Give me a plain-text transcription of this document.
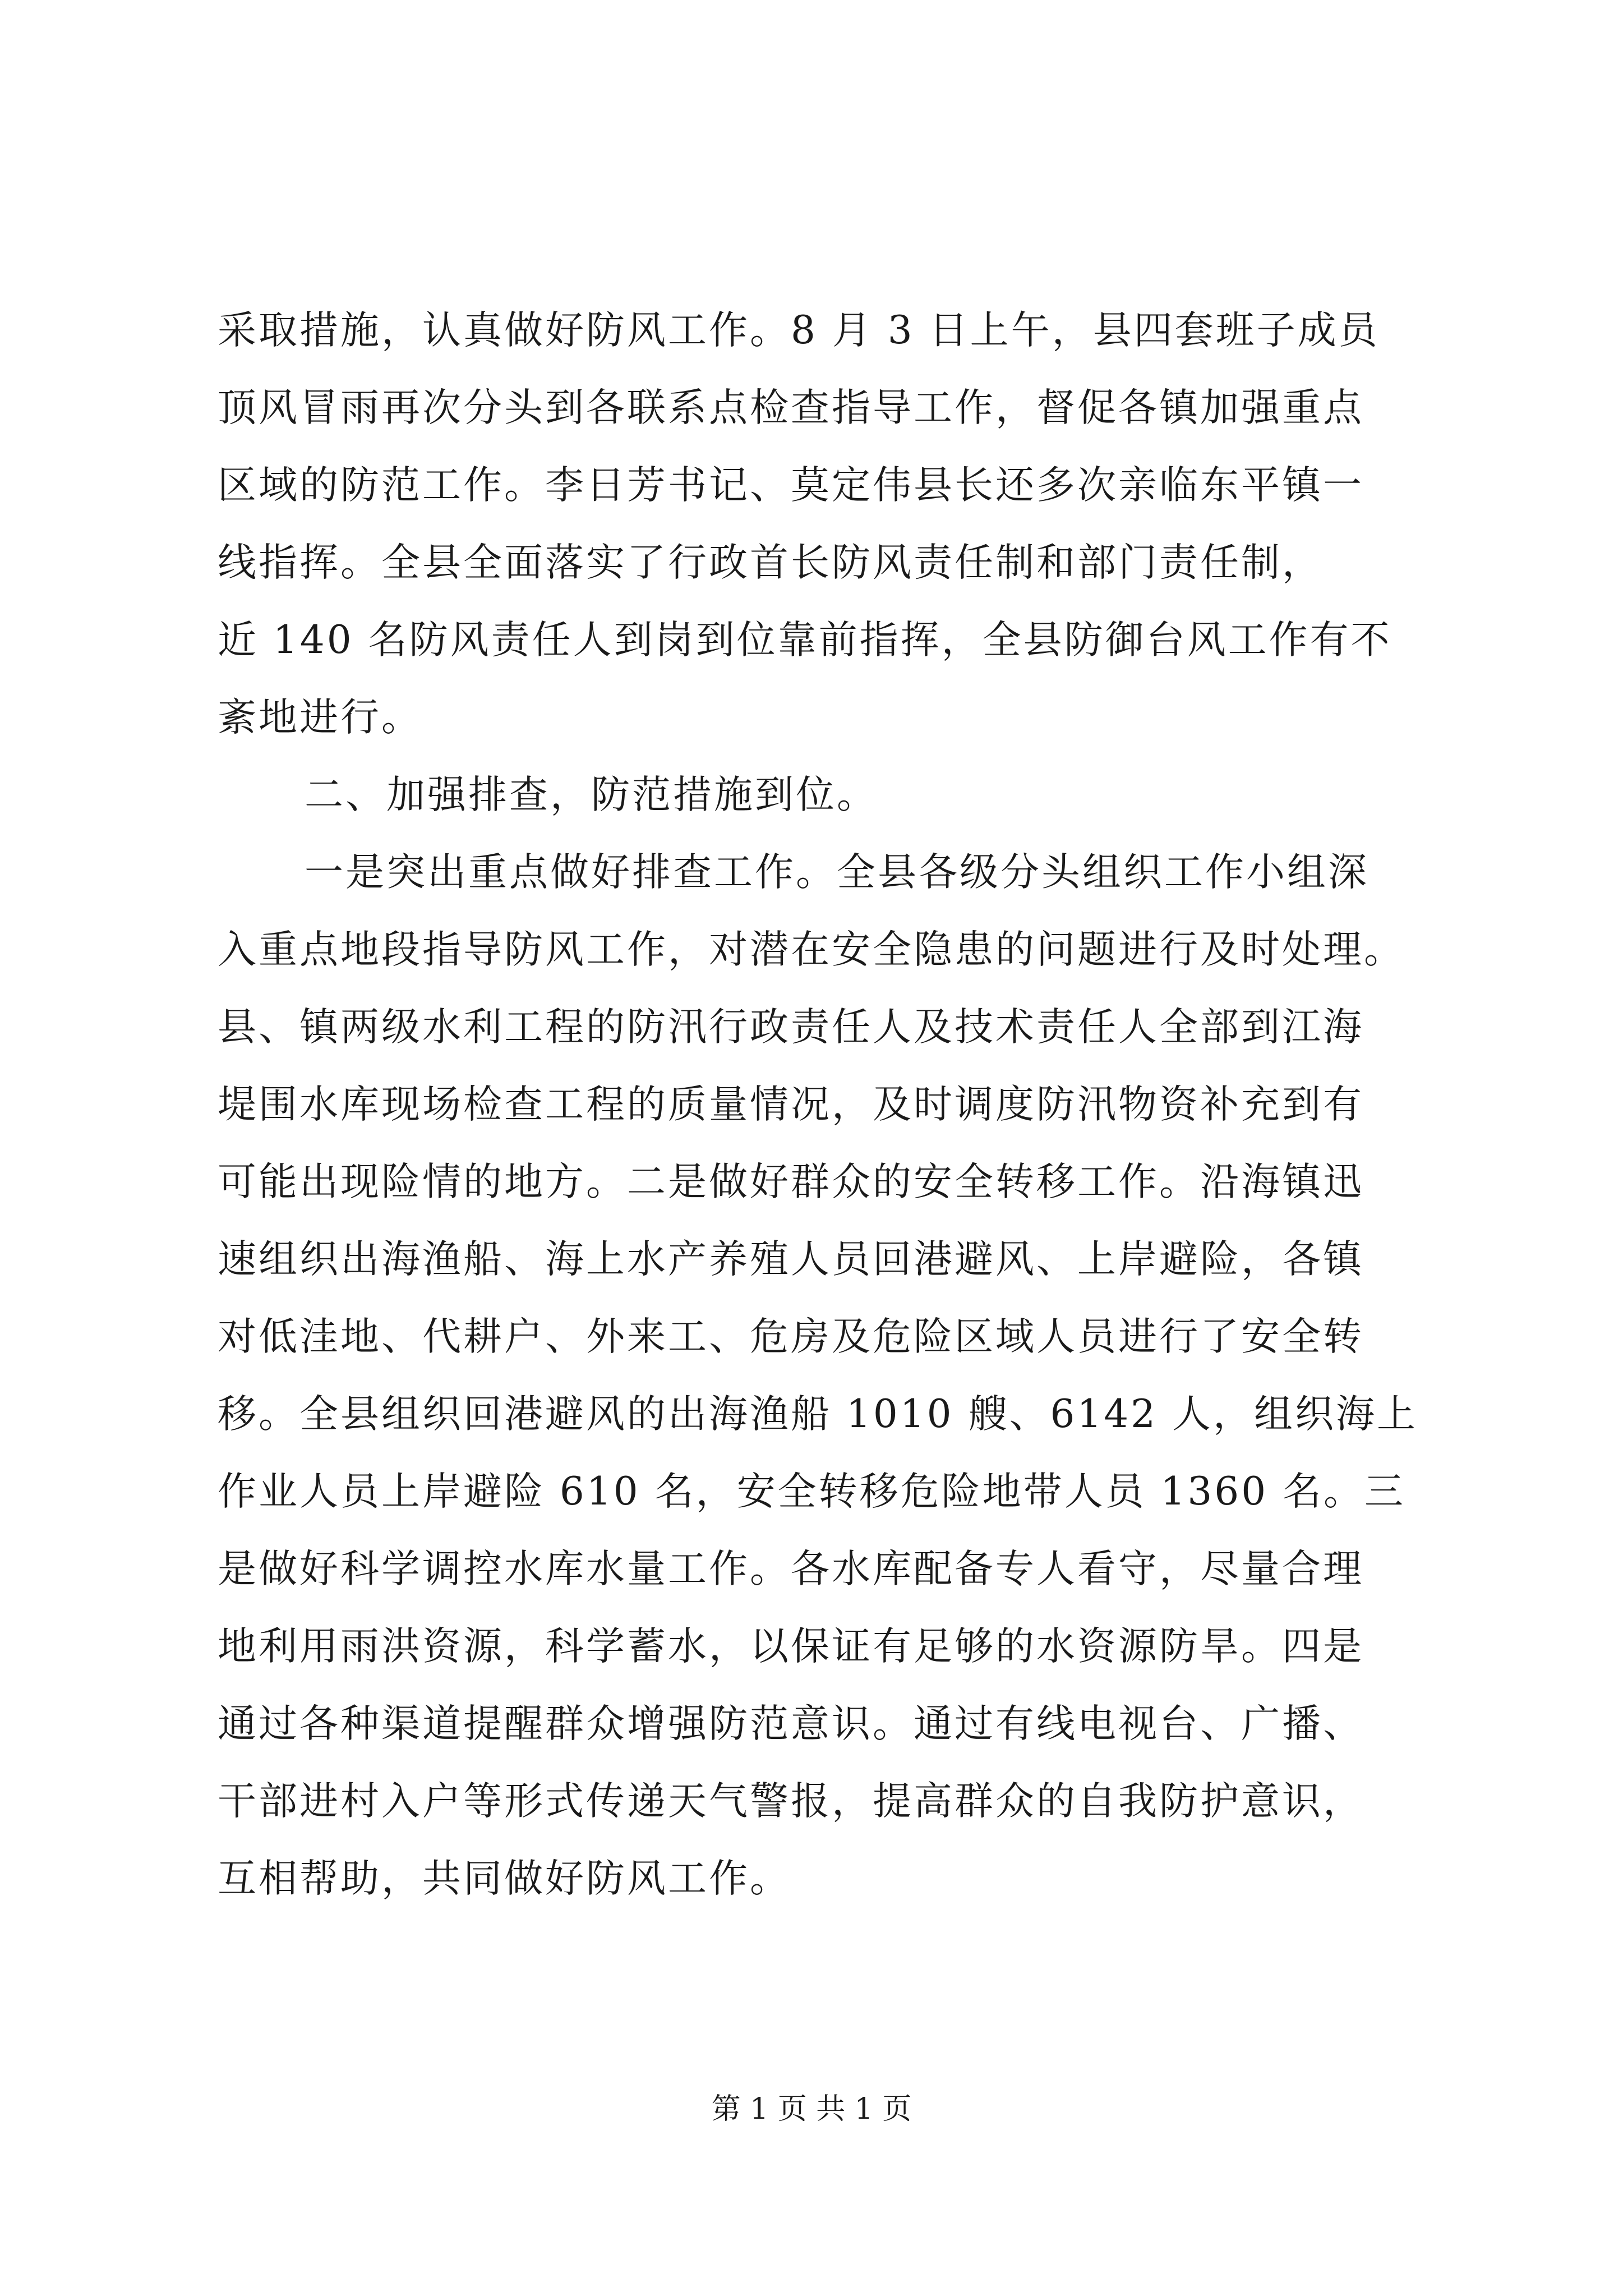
采取措施，认真做好防风工作。8 月 3 日上午，县四套班子成员
顶风冒雨再次分头到各联系点检查指导工作，督促各镇加强重点
区域的防范工作。李日芳书记、莫定伟县长还多次亲临东平镇一
线指挥。全县全面落实了行政首长防风责任制和部门责任制，
近 140 名防风责任人到岗到位靠前指挥，全县防御台风工作有不
紊地进行。
二、加强排查，防范措施到位。
一是突出重点做好排查工作。全县各级分头组织工作小组深
入重点地段指导防风工作，对潜在安全隐患的问题进行及时处理。
县、镇两级水利工程的防汛行政责任人及技术责任人全部到江海
堤围水库现场检查工程的质量情况，及时调度防汛物资补充到有
可能出现险情的地方。二是做好群众的安全转移工作。沿海镇迅
速组织出海渔船、海上水产养殖人员回港避风、上岸避险，各镇
对低洼地、代耕户、外来工、危房及危险区域人员进行了安全转
移。全县组织回港避风的出海渔船 1010 艘、6142 人，组织海上
作业人员上岸避险 610 名，安全转移危险地带人员 1360 名。三
是做好科学调控水库水量工作。各水库配备专人看守，尽量合理
地利用雨洪资源，科学蓄水，以保证有足够的水资源防旱。四是
通过各种渠道提醒群众增强防范意识。通过有线电视台、广播、
干部进村入户等形式传递天气警报，提高群众的自我防护意识，
互相帮助，共同做好防风工作。
第 1 页 共 1 页
